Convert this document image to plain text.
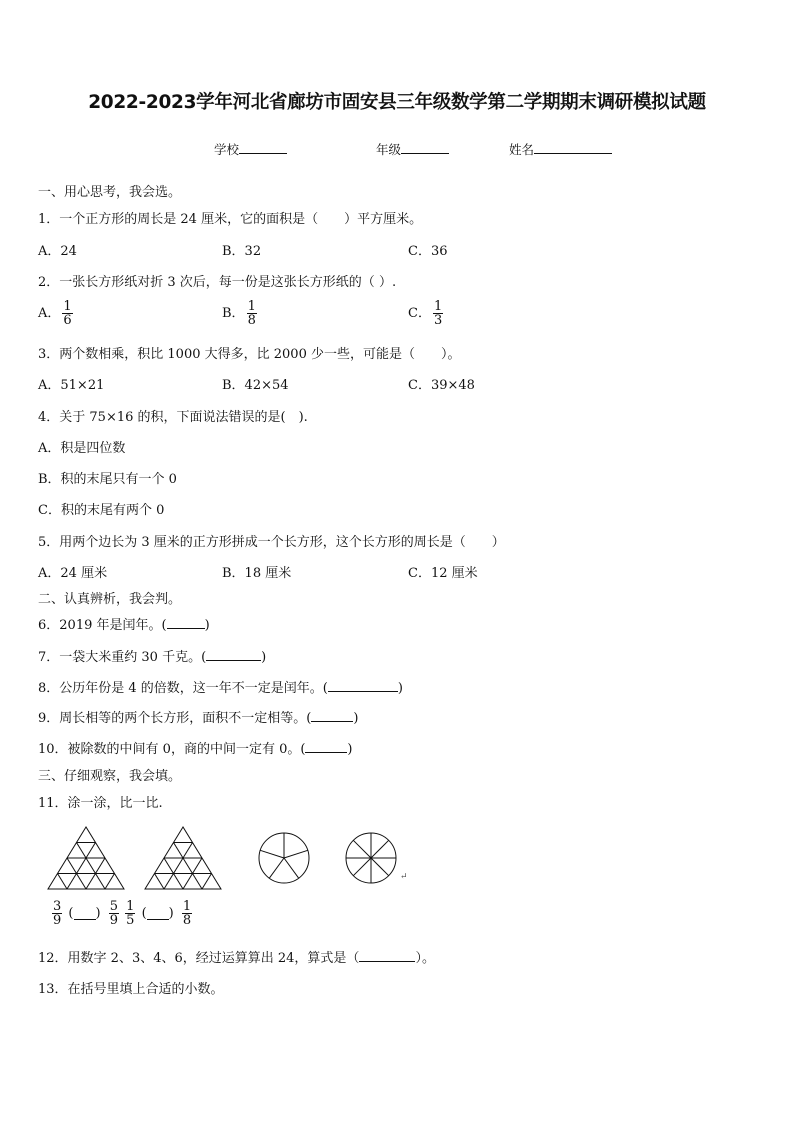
2022-2023学年河北省廊坊市固安县三年级数学第二学期期末调研模拟试题
学校	年级	姓名
一、用心思考，我会选。
1．一个正方形的周长是 24 厘米，它的面积是（　　）平方厘米。
A．24	B．32	C．36
2．一张长方形纸对折 3 次后，每一份是这张长方形纸的（ ）.
A． $\frac{1}{6}$	B． $\frac{1}{8}$	C． $\frac{1}{3}$
3．两个数相乘，积比 1000 大得多，比 2000 少一些，可能是（　　）。
A．51×21	B．42×54	C．39×48
4．关于 75×16 的积，下面说法错误的是(　).
A．积是四位数
B．积的末尾只有一个 0
C．积的末尾有两个 0
5．用两个边长为 3 厘米的正方形拼成一个长方形，这个长方形的周长是（　　）
A．24 厘米	B．18 厘米	C．12 厘米
二、认真辨析，我会判。
6．2019 年是闰年。(	)
7．一袋大米重约 30 千克。(	)
8．公历年份是 4 的倍数，这一年不一定是闰年。(	)
9．周长相等的两个长方形，面积不一定相等。(	)
10．被除数的中间有 0，商的中间一定有 0。(	)
三、仔细观察，我会填。
11．涂一涂，比一比.
↵
$\frac{3}{9}$ ( ) $\frac{5}{9}$
$\frac{1}{5}$ ( ) $\frac{1}{8}$
12．用数字 2、3、4、6，经过运算算出 24，算式是（	）。
13．在括号里填上合适的小数。
